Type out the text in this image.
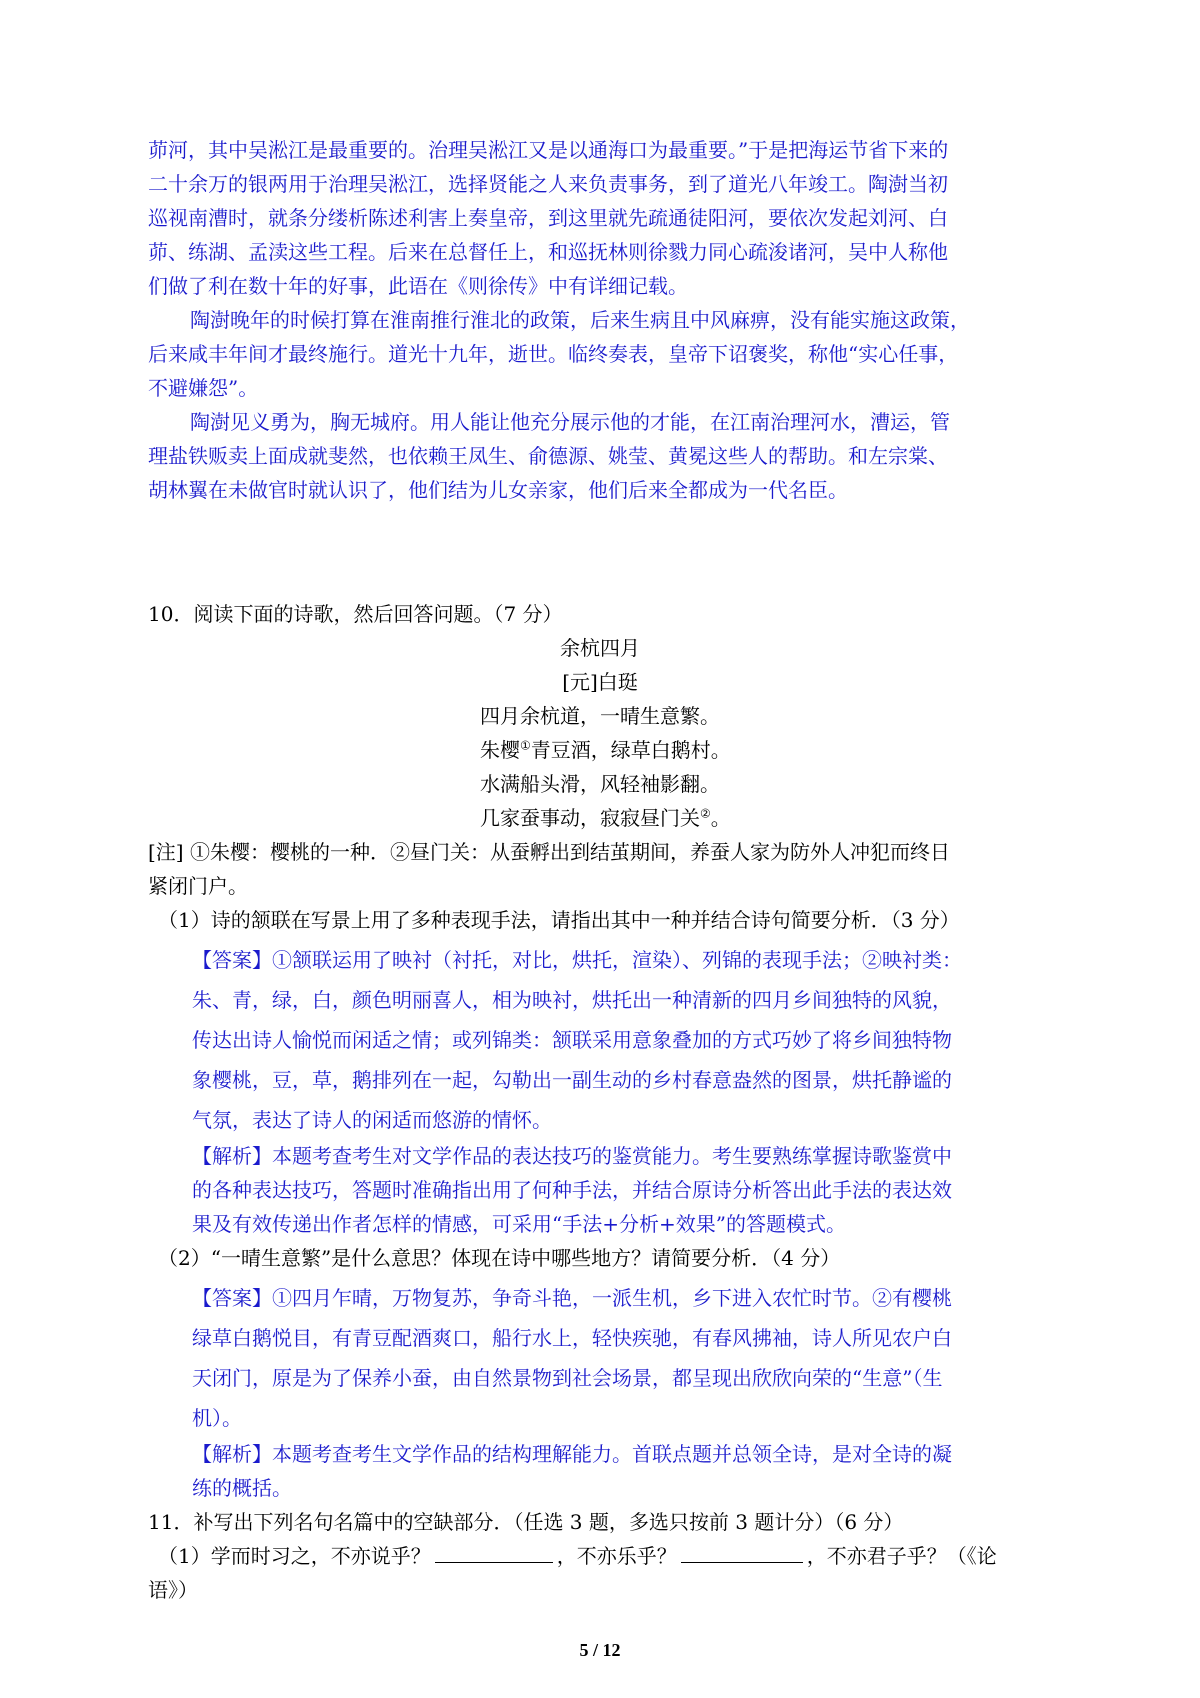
茆河，其中吴淞江是最重要的。治理吴淞江又是以通海口为最重要。”于是把海运节省下来的
二十余万的银两用于治理吴淞江，选择贤能之人来负责事务，到了道光八年竣工。陶澍当初
巡视南漕时，就条分缕析陈述利害上奏皇帝，到这里就先疏通徒阳河，要依次发起刘河、白
茆、练湖、孟渎这些工程。后来在总督任上，和巡抚林则徐戮力同心疏浚诸河，吴中人称他
们做了利在数十年的好事，此语在《则徐传》中有详细记载。
陶澍晚年的时候打算在淮南推行淮北的政策，后来生病且中风麻痹，没有能实施这政策，
后来咸丰年间才最终施行。道光十九年，逝世。临终奏表，皇帝下诏褒奖，称他“实心任事，
不避嫌怨”。
陶澍见义勇为，胸无城府。用人能让他充分展示他的才能，在江南治理河水，漕运，管
理盐铁贩卖上面成就斐然，也依赖王凤生、俞德源、姚莹、黄冕这些人的帮助。和左宗棠、
胡林翼在未做官时就认识了，他们结为儿女亲家，他们后来全都成为一代名臣。
10．阅读下面的诗歌，然后回答问题。（7 分）
余杭四月
[元]白珽
四月余杭道，一晴生意繁。
朱樱①青豆酒，绿草白鹅村。
水满船头滑，风轻袖影翻。
几家蚕事动，寂寂昼门关②。
[注] ①朱樱：樱桃的一种．②昼门关：从蚕孵出到结茧期间，养蚕人家为防外人冲犯而终日
紧闭门户。
（1）诗的颔联在写景上用了多种表现手法，请指出其中一种并结合诗句简要分析．（3 分）
【答案】①颔联运用了映衬（衬托，对比，烘托，渲染）、列锦的表现手法；②映衬类：
朱、青，绿，白，颜色明丽喜人，相为映衬，烘托出一种清新的四月乡间独特的风貌，
传达出诗人愉悦而闲适之情；或列锦类：颔联采用意象叠加的方式巧妙了将乡间独特物
象樱桃，豆，草，鹅排列在一起，勾勒出一副生动的乡村春意盎然的图景，烘托静谧的
气氛，表达了诗人的闲适而悠游的情怀。
【解析】本题考查考生对文学作品的表达技巧的鉴赏能力。考生要熟练掌握诗歌鉴赏中
的各种表达技巧，答题时准确指出用了何种手法，并结合原诗分析答出此手法的表达效
果及有效传递出作者怎样的情感，可采用“手法+分析+效果”的答题模式。
（2）“一晴生意繁”是什么意思？体现在诗中哪些地方？请简要分析．（4 分）
【答案】①四月乍晴，万物复苏，争奇斗艳，一派生机，乡下进入农忙时节。②有樱桃
绿草白鹅悦目，有青豆配酒爽口，船行水上，轻快疾驰，有春风拂袖，诗人所见农户白
天闭门，原是为了保养小蚕，由自然景物到社会场景，都呈现出欣欣向荣的“生意”（生
机）。
【解析】本题考查考生文学作品的结构理解能力。首联点题并总领全诗，是对全诗的凝
练的概括。
11．补写出下列名句名篇中的空缺部分．（任选 3 题，多选只按前 3 题计分）（6 分）
（1）学而时习之，不亦说乎？	，不亦乐乎？	，不亦君子乎？（《论
语》）
5 / 12
